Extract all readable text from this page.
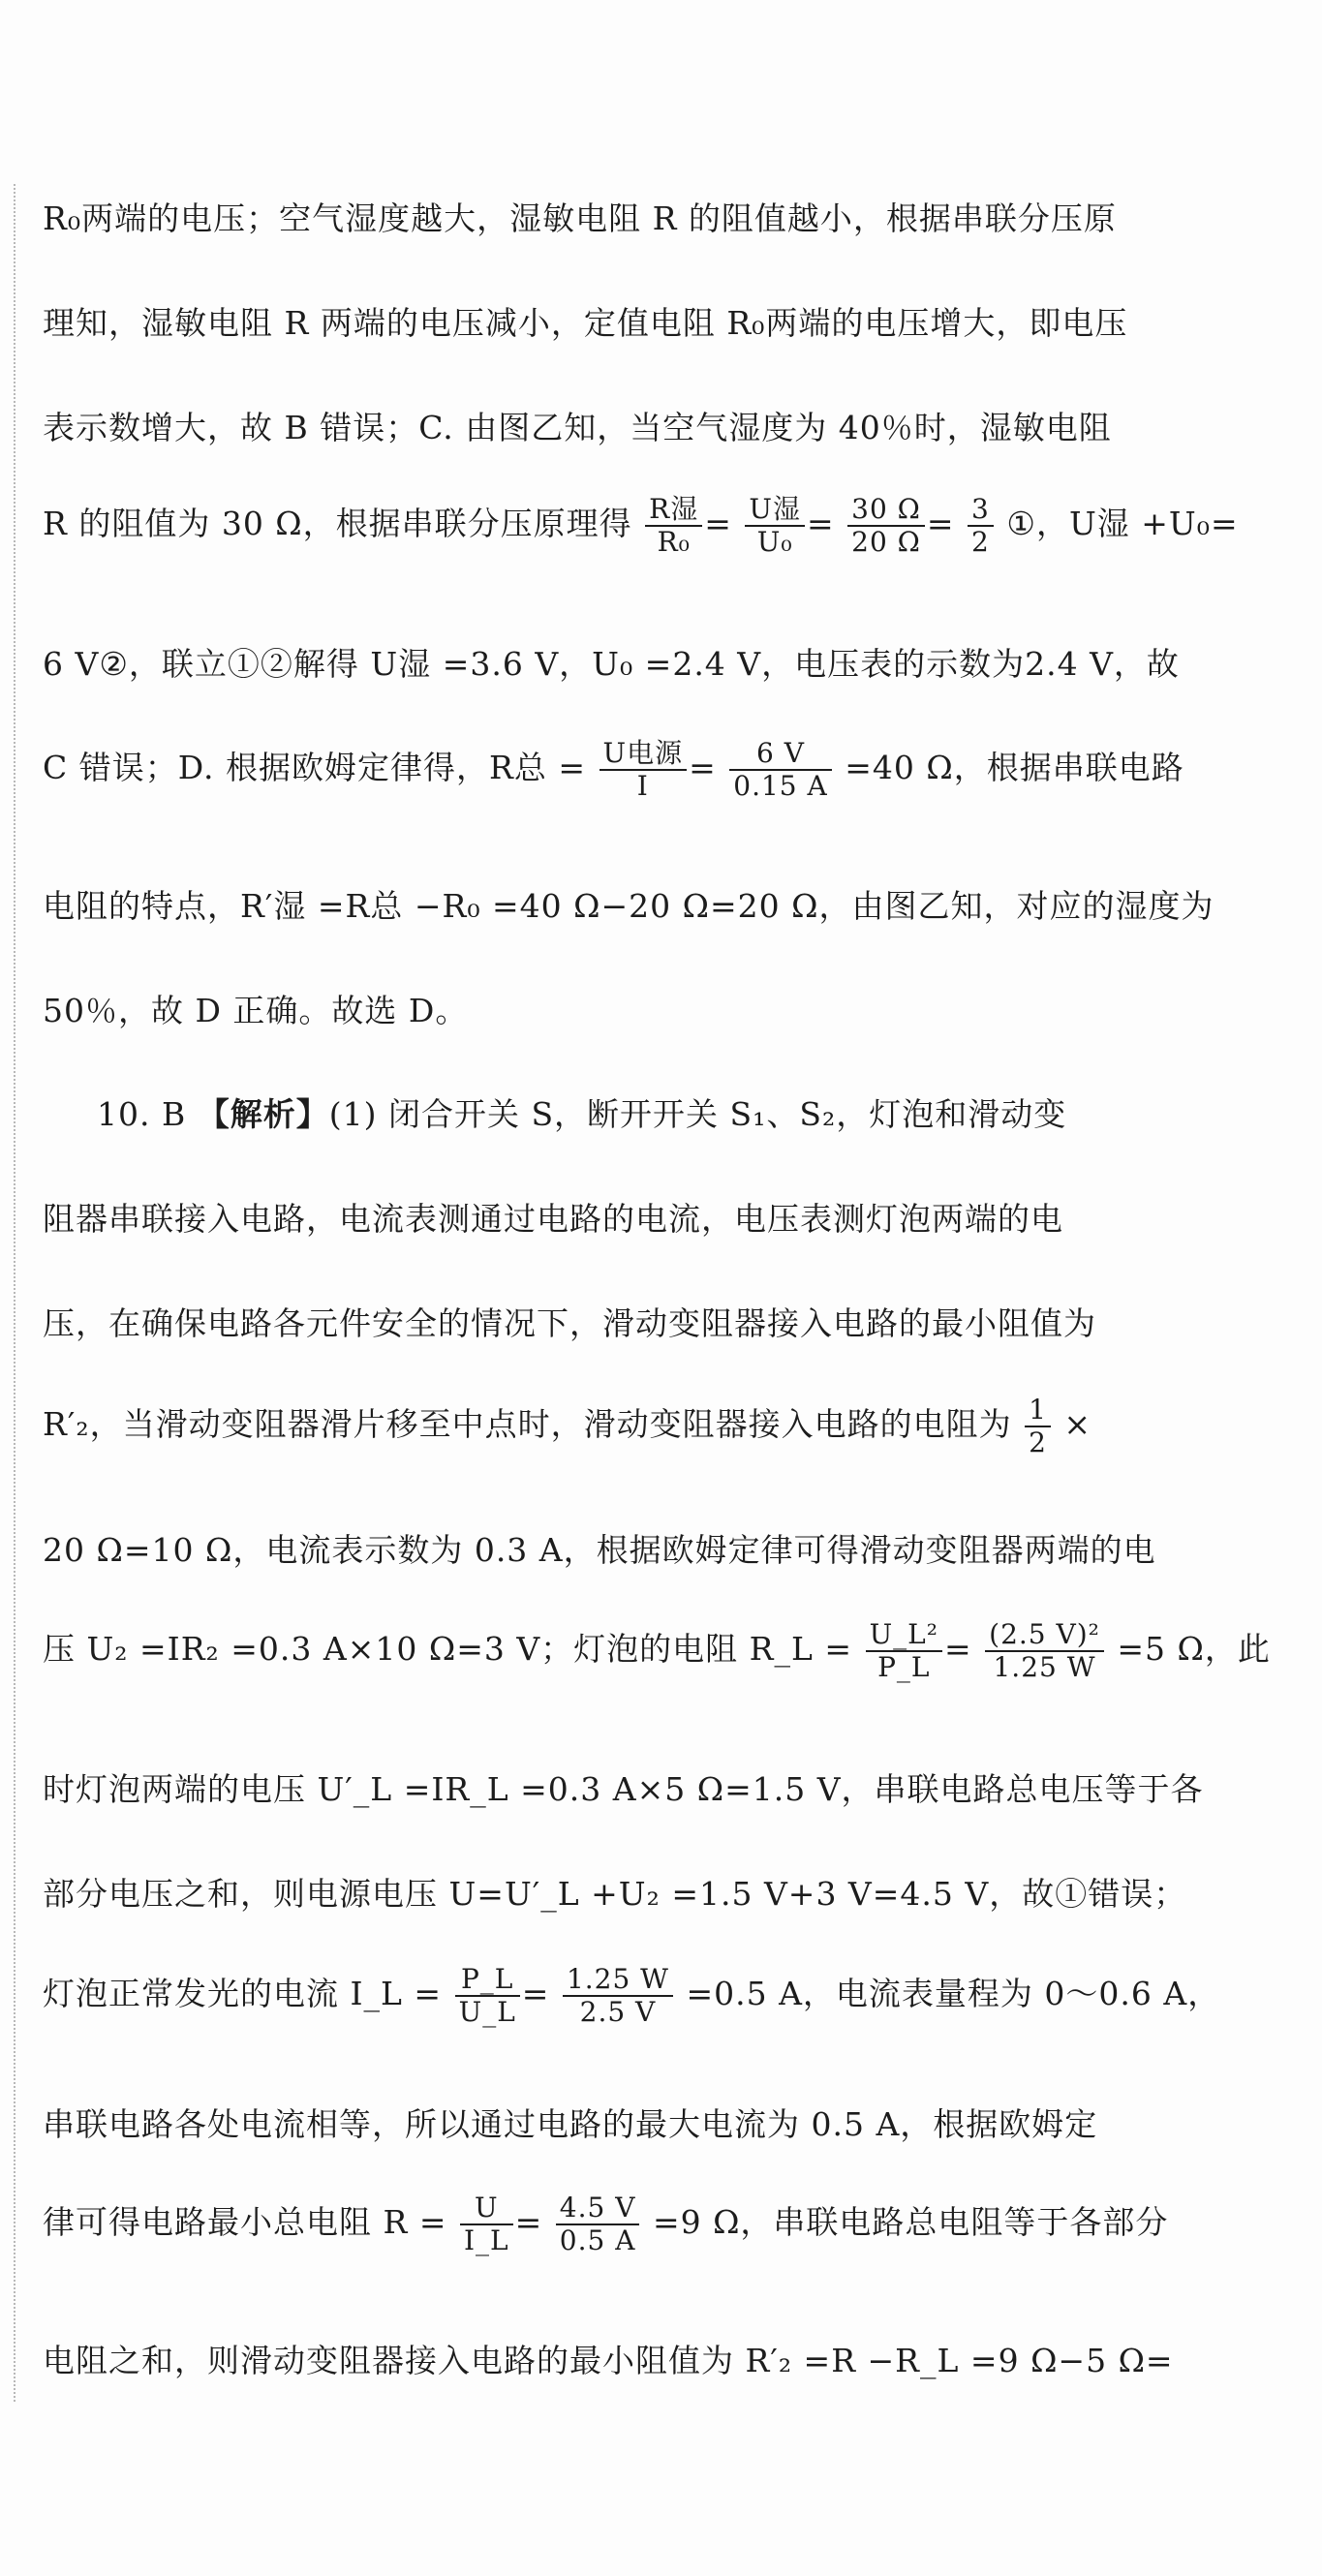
R₀两端的电压；空气湿度越大，湿敏电阻 R 的阻值越小，根据串联分压原
理知，湿敏电阻 R 两端的电压减小，定值电阻 R₀两端的电压增大，即电压
表示数增大，故 B 错误；C. 由图乙知，当空气湿度为 40％时，湿敏电阻
R 的阻值为 30 Ω，根据串联分压原理得 $\frac{\text{R湿}}{\text{R₀}} = \frac{\text{U湿}}{\text{U₀}} = \frac{30 \Omega}{20 \Omega} = \frac{3}{2}$ ①，U湿 +U₀=
6 V②，联立①②解得 U湿 =3.6 V，U₀ =2.4 V，电压表的示数为2.4 V，故
C 错误；D. 根据欧姆定律得，R总 = $\frac{\text{U电源}}{I} = \frac{6 V}{0.15 A} =40$ Ω，根据串联电路
电阻的特点，R′湿 =R总 −R₀ =40 Ω−20 Ω=20 Ω，由图乙知，对应的湿度为
50％，故 D 正确。故选 D。
10. B 【解析】(1) 闭合开关 S，断开开关 S₁、S₂，灯泡和滑动变
阻器串联接入电路，电流表测通过电路的电流，电压表测灯泡两端的电
压，在确保电路各元件安全的情况下，滑动变阻器接入电路的最小阻值为
R′₂，当滑动变阻器滑片移至中点时，滑动变阻器接入电路的电阻为 $\frac{1}{2}$ ×
20 Ω=10 Ω，电流表示数为 0.3 A，根据欧姆定律可得滑动变阻器两端的电
压 U₂ =IR₂ =0.3 A×10 Ω=3 V；灯泡的电阻 R_L = $\frac{\text{U\_L²}}{P\_L} = \frac{\text{(2.5 V)²}}{1.25 W} =5$ Ω，此
时灯泡两端的电压 U′_L =IR_L =0.3 A×5 Ω=1.5 V，串联电路总电压等于各
部分电压之和，则电源电压 U=U′_L +U₂ =1.5 V+3 V=4.5 V，故①错误；
灯泡正常发光的电流 I_L = $\frac{P\_L}{U\_L} = \frac{1.25 W}{2.5 V} =0.5$ A，电流表量程为 0～0.6 A，
串联电路各处电流相等，所以通过电路的最大电流为 0.5 A，根据欧姆定
律可得电路最小总电阻 $R = \frac{U}{I\_L} = \frac{4.5 V}{0.5 A} =9$ Ω，串联电路总电阻等于各部分
电阻之和，则滑动变阻器接入电路的最小阻值为 R′₂ =R −R_L =9 Ω−5 Ω=
